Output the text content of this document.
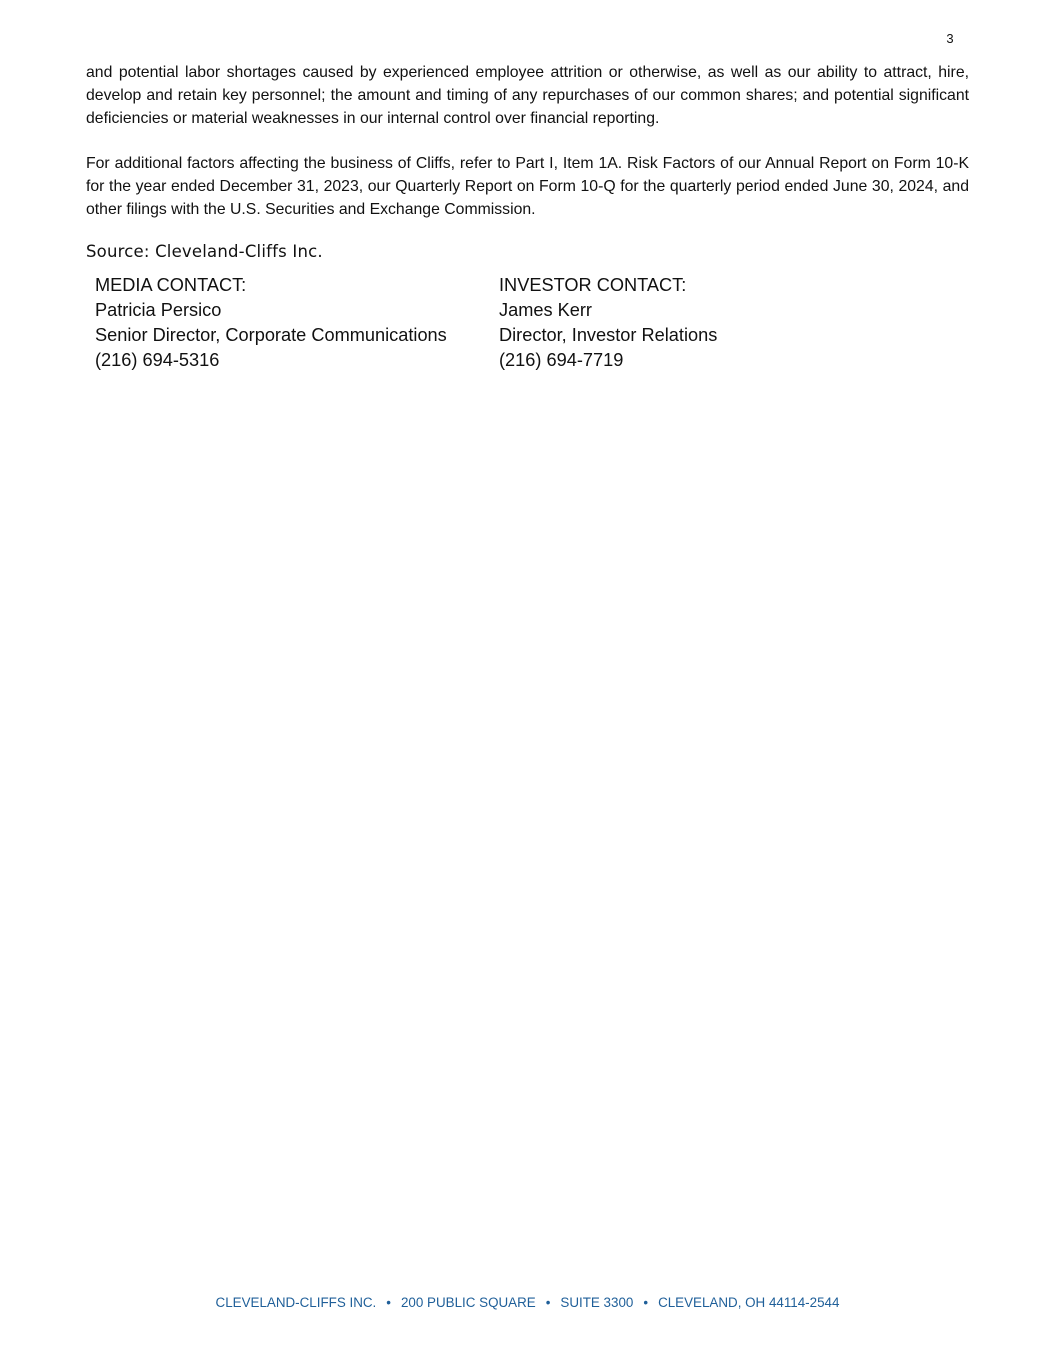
3

and potential labor shortages caused by experienced employee attrition or otherwise, as well as our ability to attract, hire, develop and retain key personnel; the amount and timing of any repurchases of our common shares; and potential significant deficiencies or material weaknesses in our internal control over financial reporting.

For additional factors affecting the business of Cliffs, refer to Part I, Item 1A. Risk Factors of our Annual Report on Form 10-K for the year ended December 31, 2023, our Quarterly Report on Form 10-Q for the quarterly period ended June 30, 2024, and other filings with the U.S. Securities and Exchange Commission.

Source: Cleveland-Cliffs Inc.
MEDIA CONTACT:
Patricia Persico
Senior Director, Corporate Communications
(216) 694-5316
INVESTOR CONTACT:
James Kerr
Director, Investor Relations
(216) 694-7719
CLEVELAND-CLIFFS INC. • 200 PUBLIC SQUARE • SUITE 3300 • CLEVELAND, OH 44114-2544
